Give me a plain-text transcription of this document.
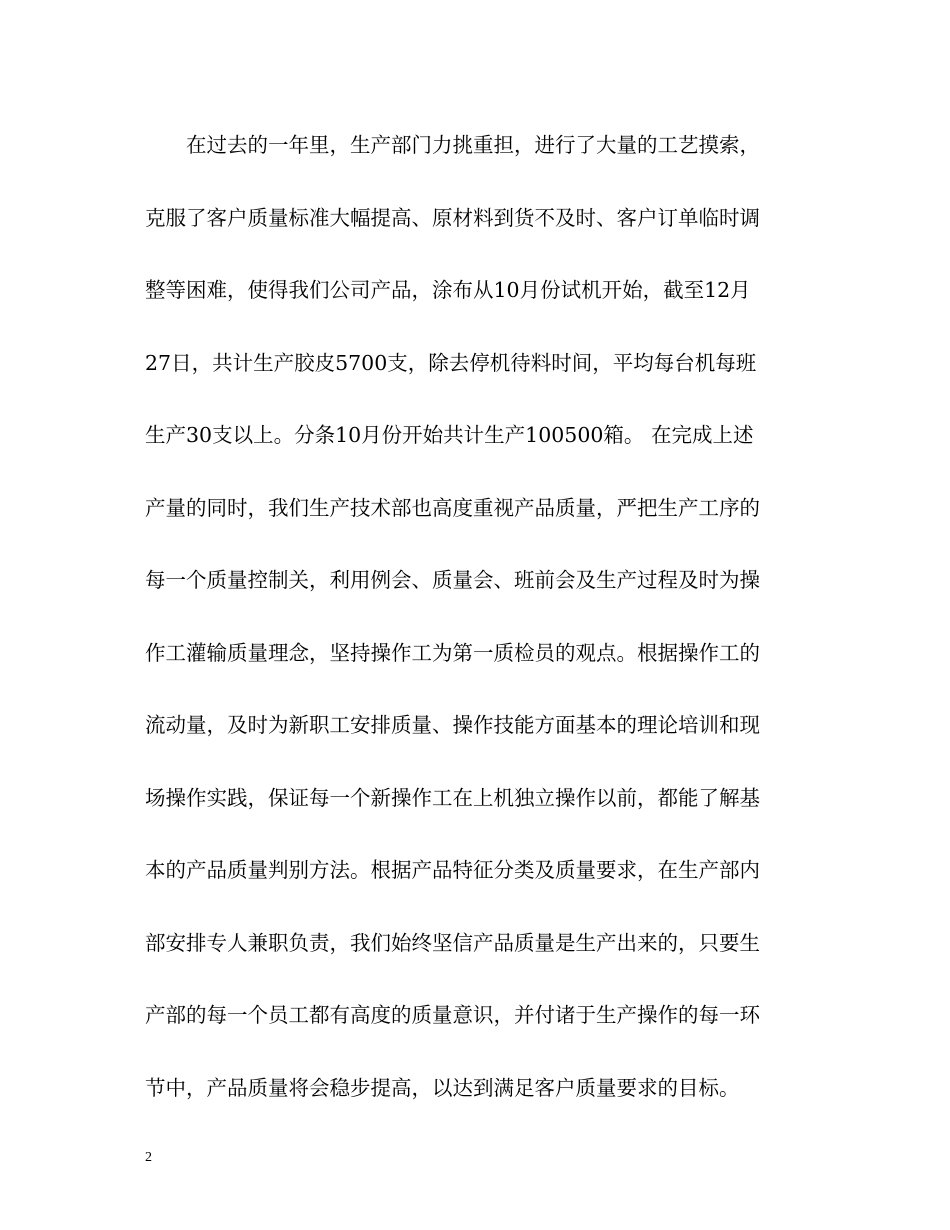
　　在过去的一年里，生产部门力挑重担，进行了大量的工艺摸索，
克服了客户质量标准大幅提高、原材料到货不及时、客户订单临时调
整等困难，使得我们公司产品，涂布从10月份试机开始，截至12月
27日，共计生产胶皮5700支，除去停机待料时间，平均每台机每班
生产30支以上。分条10月份开始共计生产100500箱。 在完成上述
产量的同时，我们生产技术部也高度重视产品质量，严把生产工序的
每一个质量控制关，利用例会、质量会、班前会及生产过程及时为操
作工灌输质量理念，坚持操作工为第一质检员的观点。根据操作工的
流动量，及时为新职工安排质量、操作技能方面基本的理论培训和现
场操作实践，保证每一个新操作工在上机独立操作以前，都能了解基
本的产品质量判别方法。根据产品特征分类及质量要求，在生产部内
部安排专人兼职负责，我们始终坚信产品质量是生产出来的，只要生
产部的每一个员工都有高度的质量意识，并付诸于生产操作的每一环
节中，产品质量将会稳步提高，以达到满足客户质量要求的目标。
2
